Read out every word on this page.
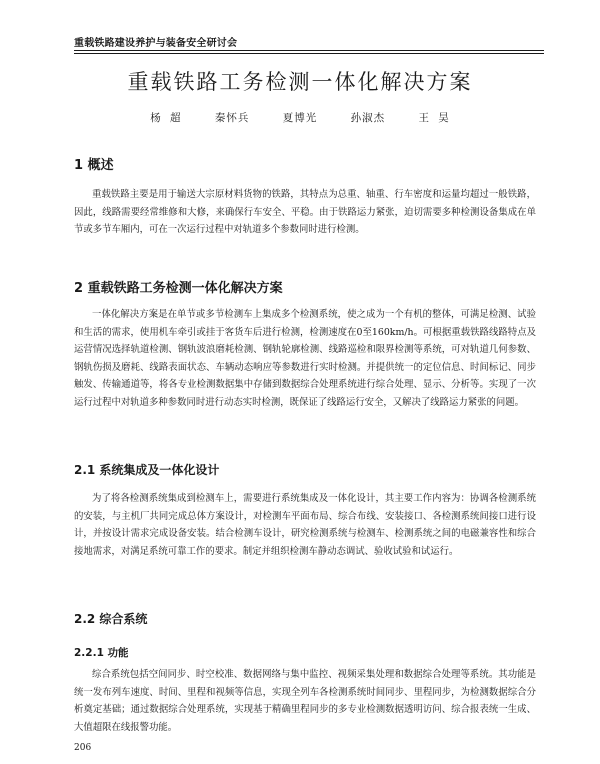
重载铁路建设养护与装备安全研讨会
重载铁路工务检测一体化解决方案
杨 超	秦怀兵	夏博光	孙淑杰	王 昊
1 概述

重载铁路主要是用于输送大宗原材料货物的铁路，其特点为总重、轴重、行车密度和运量均超过一般铁路，因此，线路需要经常维修和大修，来确保行车安全、平稳。由于铁路运力紧张，迫切需要多种检测设备集成在单节或多节车厢内，可在一次运行过程中对轨道多个参数同时进行检测。

2 重载铁路工务检测一体化解决方案

一体化解决方案是在单节或多节检测车上集成多个检测系统，使之成为一个有机的整体，可满足检测、试验和生活的需求，使用机车牵引或挂于客货车后进行检测，检测速度在0至160km/h。可根据重载铁路线路特点及运营情况选择轨道检测、钢轨波浪磨耗检测、钢轨轮廓检测、线路巡检和限界检测等系统，可对轨道几何参数、钢轨伤损及磨耗、线路表面状态、车辆动态响应等参数进行实时检测。并提供统一的定位信息、时间标记、同步触发、传输通道等，将各专业检测数据集中存储到数据综合处理系统进行综合处理、显示、分析等。实现了一次运行过程中对轨道多种参数同时进行动态实时检测，既保证了线路运行安全，又解决了线路运力紧张的问题。

2.1 系统集成及一体化设计

为了将各检测系统集成到检测车上，需要进行系统集成及一体化设计，其主要工作内容为：协调各检测系统的安装，与主机厂共同完成总体方案设计，对检测车平面布局、综合布线、安装接口、各检测系统间接口进行设计，并按设计需求完成设备安装。结合检测车设计，研究检测系统与检测车、检测系统之间的电磁兼容性和综合接地需求，对满足系统可靠工作的要求。制定并组织检测车静动态调试、验收试验和试运行。

2.2 综合系统
2.2.1 功能

综合系统包括空间同步、时空校准、数据网络与集中监控、视频采集处理和数据综合处理等系统。其功能是统一发布列车速度、时间、里程和视频等信息，实现全列车各检测系统时间同步、里程同步，为检测数据综合分析奠定基础；通过数据综合处理系统，实现基于精确里程同步的多专业检测数据透明访问、综合报表统一生成、大值超限在线报警功能。

206
